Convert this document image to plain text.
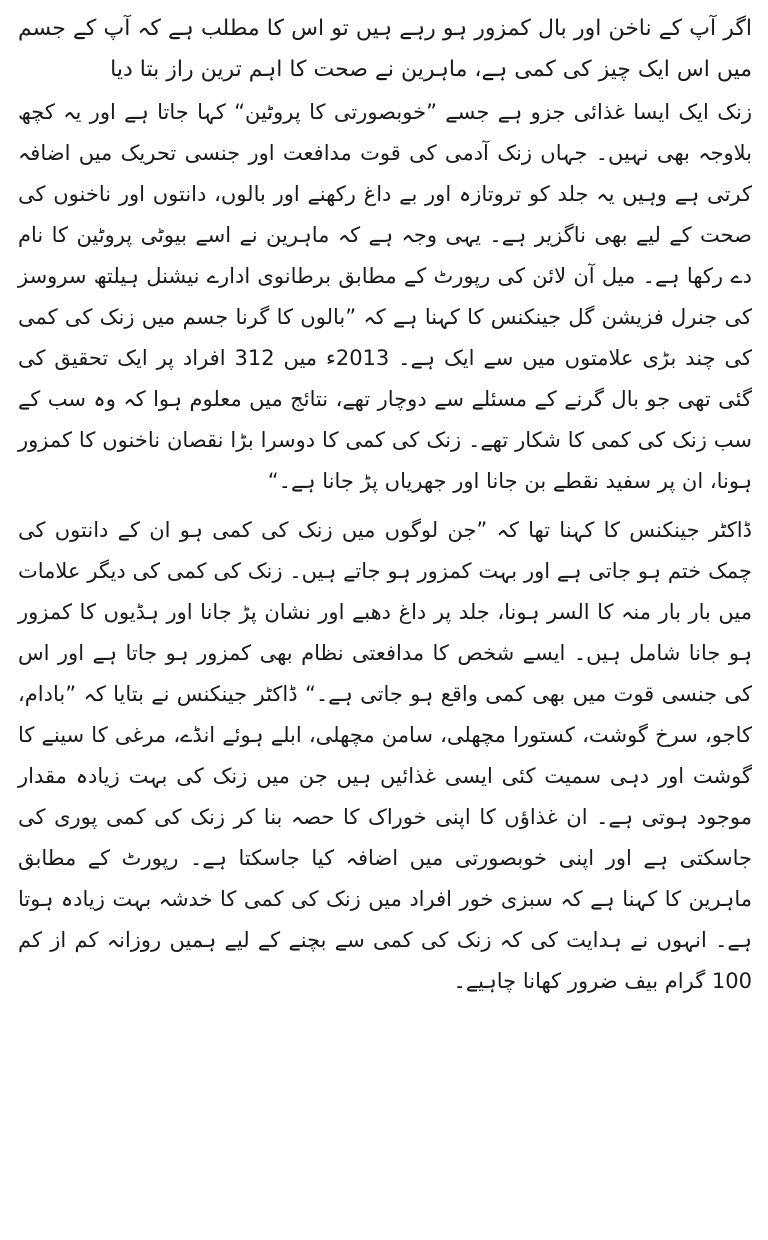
اگر آپ کے ناخن اور بال کمزور ہو رہے ہیں تو اس کا مطلب ہے کہ آپ کے جسم میں اس ایک چیز کی کمی ہے، ماہرین نے صحت کا اہم ترین راز بتا دیا

زنک ایک ایسا غذائی جزو ہے جسے ”خوبصورتی کا پروٹین“ کہا جاتا ہے اور یہ کچھ بلاوجہ بھی نہیں۔ جہاں زنک آدمی کی قوت مدافعت اور جنسی تحریک میں اضافہ کرتی ہے وہیں یہ جلد کو تروتازہ اور بے داغ رکھنے اور بالوں، دانتوں اور ناخنوں کی صحت کے لیے بھی ناگزیر ہے۔ یہی وجہ ہے کہ ماہرین نے اسے بیوٹی پروٹین کا نام دے رکھا ہے۔ میل آن لائن کی رپورٹ کے مطابق برطانوی ادارے نیشنل ہیلتھ سروسز کی جنرل فزیشن گل جینکنس کا کہنا ہے کہ ”بالوں کا گرنا جسم میں زنک کی کمی کی چند بڑی علامتوں میں سے ایک ہے۔ 2013ء میں 312 افراد پر ایک تحقیق کی گئی تھی جو بال گرنے کے مسئلے سے دوچار تھے، نتائج میں معلوم ہوا کہ وہ سب کے سب زنک کی کمی کا شکار تھے۔ زنک کی کمی کا دوسرا بڑا نقصان ناخنوں کا کمزور ہونا، ان پر سفید نقطے بن جانا اور جھریاں پڑ جانا ہے۔“

ڈاکٹر جینکنس کا کہنا تھا کہ ”جن لوگوں میں زنک کی کمی ہو ان کے دانتوں کی چمک ختم ہو جاتی ہے اور بہت کمزور ہو جاتے ہیں۔ زنک کی کمی کی دیگر علامات میں بار بار منہ کا السر ہونا، جلد پر داغ دھبے اور نشان پڑ جانا اور ہڈیوں کا کمزور ہو جانا شامل ہیں۔ ایسے شخص کا مدافعتی نظام بھی کمزور ہو جاتا ہے اور اس کی جنسی قوت میں بھی کمی واقع ہو جاتی ہے۔“ ڈاکٹر جینکنس نے بتایا کہ ”بادام، کاجو، سرخ گوشت، کستورا مچھلی، سامن مچھلی، ابلے ہوئے انڈے، مرغی کا سینے کا گوشت اور دہی سمیت کئی ایسی غذائیں ہیں جن میں زنک کی بہت زیادہ مقدار موجود ہوتی ہے۔ ان غذاؤں کا اپنی خوراک کا حصہ بنا کر زنک کی کمی پوری کی جاسکتی ہے اور اپنی خوبصورتی میں اضافہ کیا جاسکتا ہے۔ رپورٹ کے مطابق ماہرین کا کہنا ہے کہ سبزی خور افراد میں زنک کی کمی کا خدشہ بہت زیادہ ہوتا ہے۔ انہوں نے ہدایت کی کہ زنک کی کمی سے بچنے کے لیے ہمیں روزانہ کم از کم 100 گرام بیف ضرور کھانا چاہیے۔
